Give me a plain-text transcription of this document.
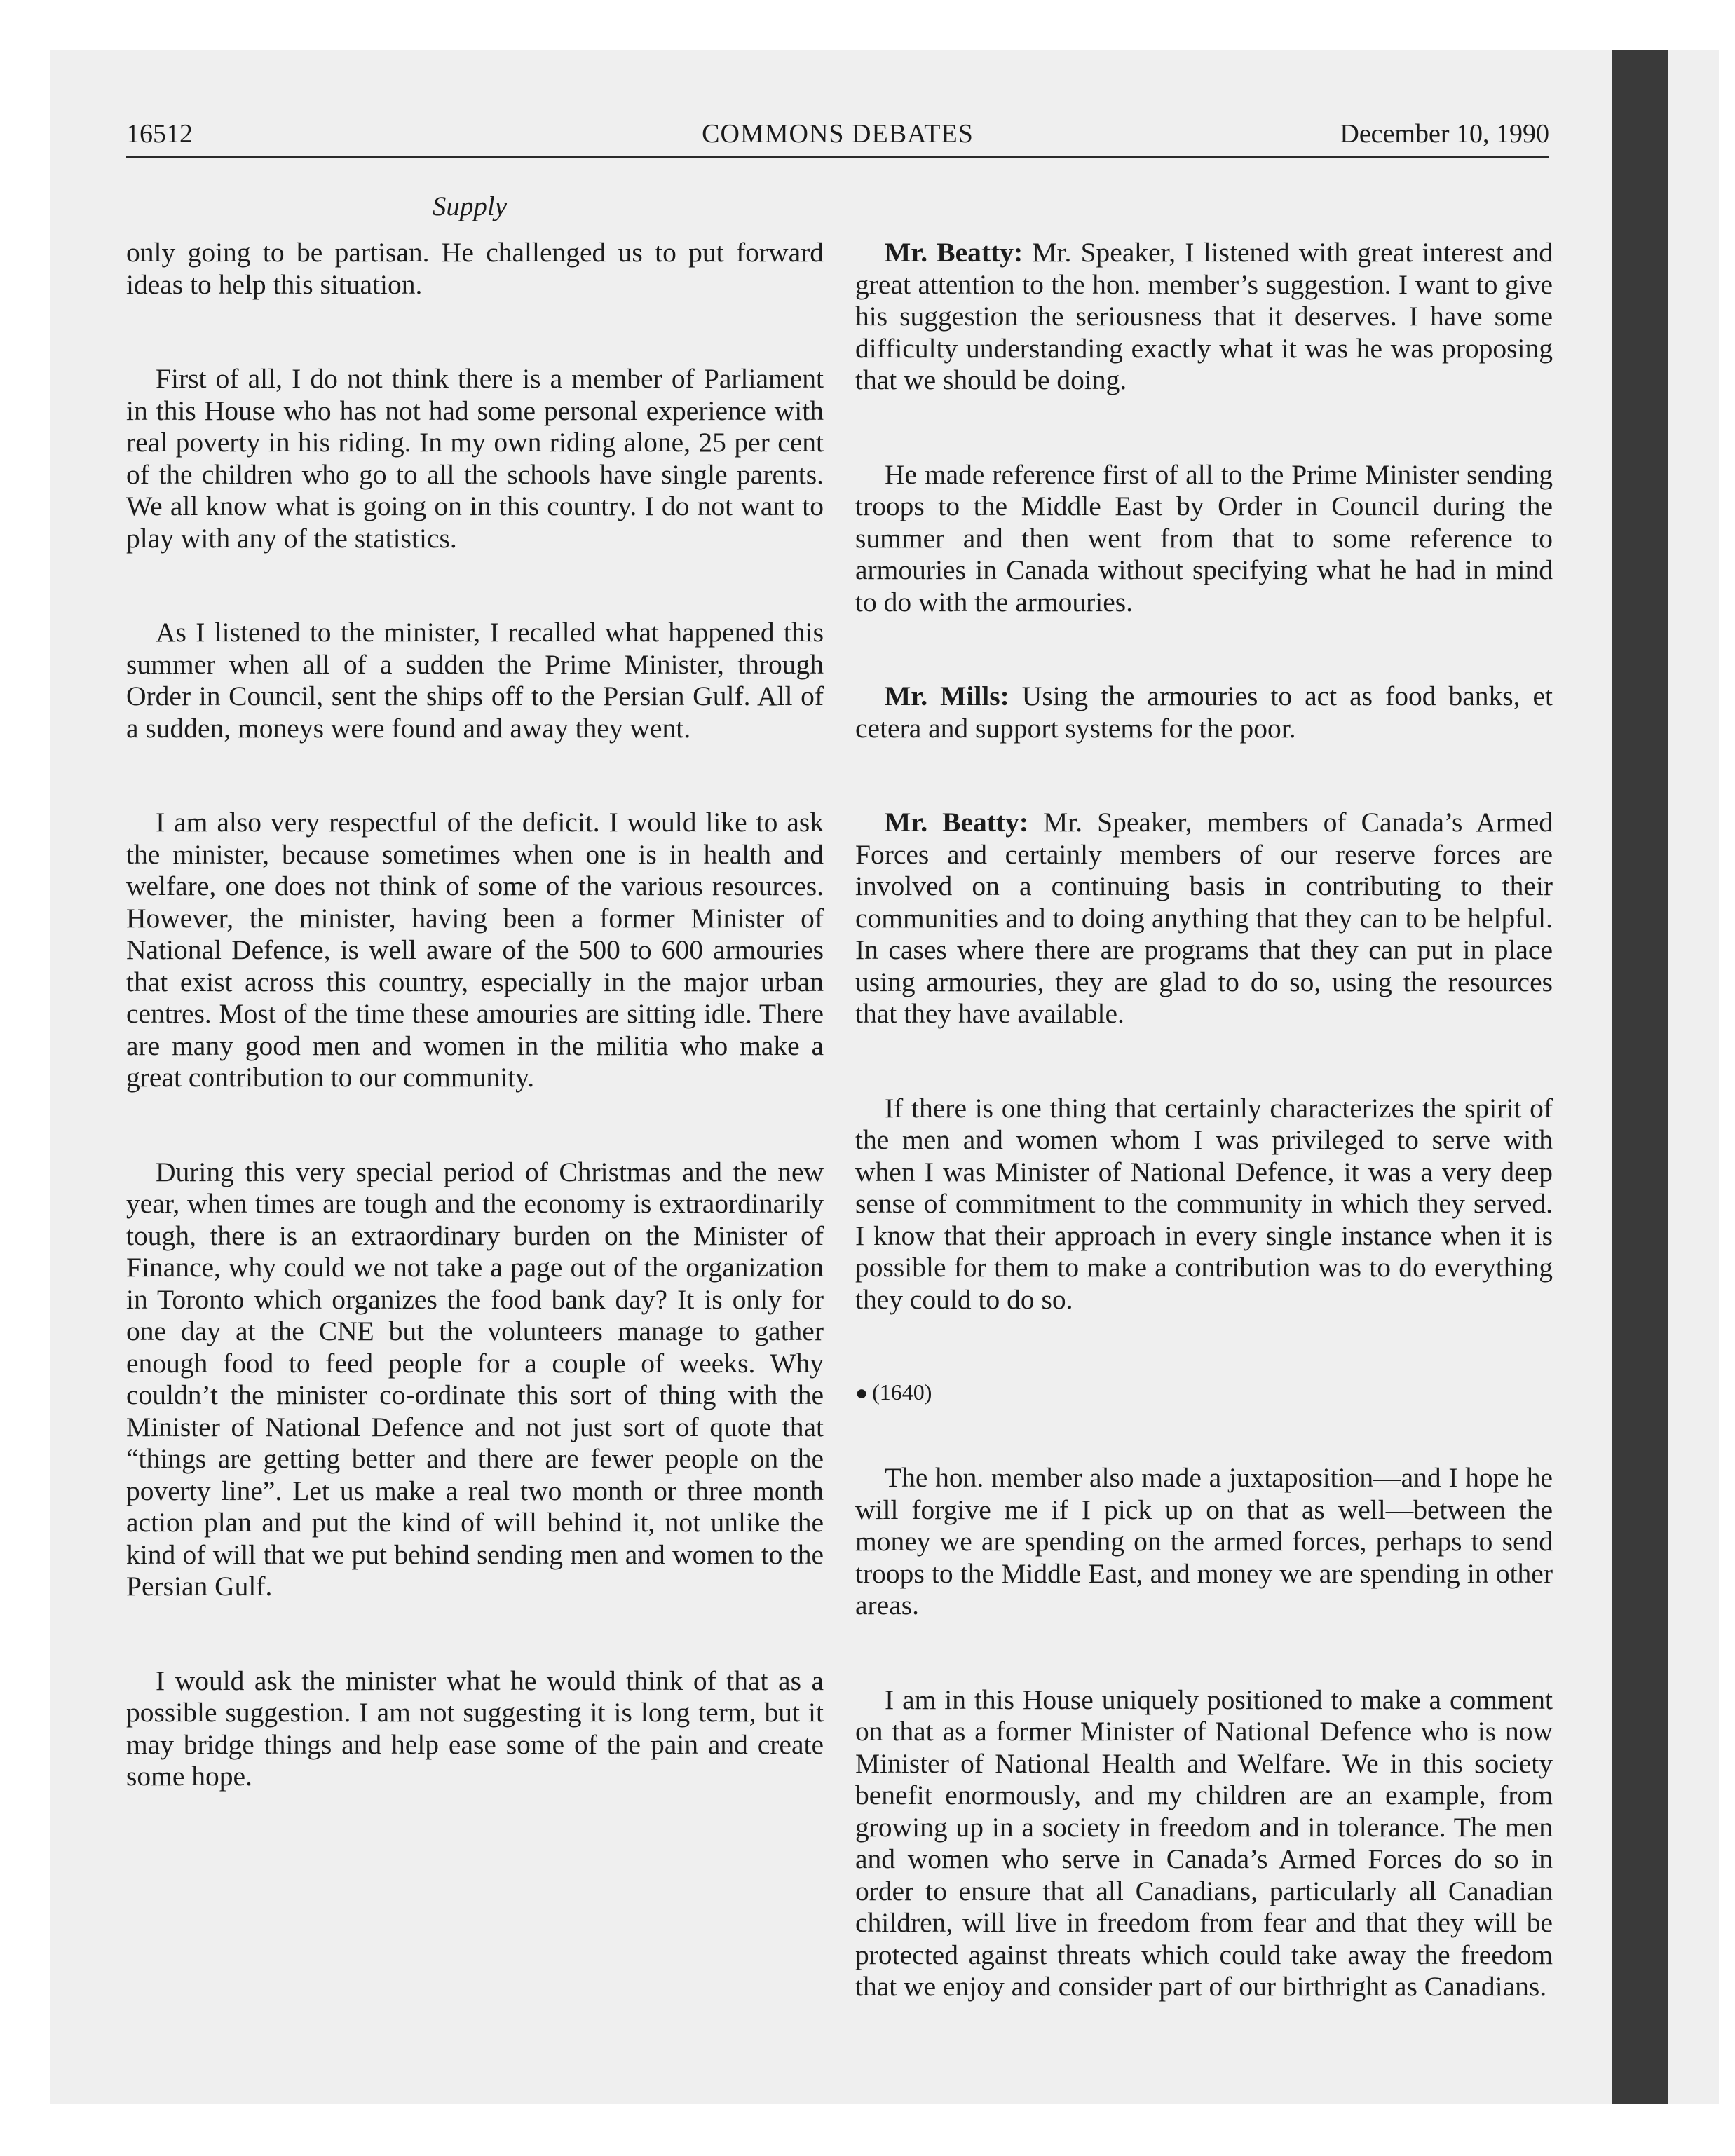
16512	COMMONS DEBATES	December 10, 1990
Supply

only going to be partisan. He challenged us to put forward ideas to help this situation.

First of all, I do not think there is a member of Parliament in this House who has not had some personal experience with real poverty in his riding. In my own riding alone, 25 per cent of the children who go to all the schools have single parents. We all know what is going on in this country. I do not want to play with any of the statistics.

As I listened to the minister, I recalled what happened this summer when all of a sudden the Prime Minister, through Order in Council, sent the ships off to the Persian Gulf. All of a sudden, moneys were found and away they went.

I am also very respectful of the deficit. I would like to ask the minister, because sometimes when one is in health and welfare, one does not think of some of the various resources. However, the minister, having been a former Minister of National Defence, is well aware of the 500 to 600 armouries that exist across this country, especially in the major urban centres. Most of the time these amouries are sitting idle. There are many good men and women in the militia who make a great contribution to our community.

During this very special period of Christmas and the new year, when times are tough and the economy is extraordinarily tough, there is an extraordinary burden on the Minister of Finance, why could we not take a page out of the organization in Toronto which organizes the food bank day? It is only for one day at the CNE but the volunteers manage to gather enough food to feed people for a couple of weeks. Why couldn’t the minister co-ordinate this sort of thing with the Minister of National Defence and not just sort of quote that “things are getting better and there are fewer people on the poverty line”. Let us make a real two month or three month action plan and put the kind of will behind it, not unlike the kind of will that we put behind sending men and women to the Persian Gulf.

I would ask the minister what he would think of that as a possible suggestion. I am not suggesting it is long term, but it may bridge things and help ease some of the pain and create some hope.

Mr. Beatty: Mr. Speaker, I listened with great interest and great attention to the hon. member’s suggestion. I want to give his suggestion the seriousness that it deserves. I have some difficulty understanding exactly what it was he was proposing that we should be doing.

He made reference first of all to the Prime Minister sending troops to the Middle East by Order in Council during the summer and then went from that to some reference to armouries in Canada without specifying what he had in mind to do with the armouries.

Mr. Mills: Using the armouries to act as food banks, et cetera and support systems for the poor.

Mr. Beatty: Mr. Speaker, members of Canada’s Armed Forces and certainly members of our reserve forces are involved on a continuing basis in contributing to their communities and to doing anything that they can to be helpful. In cases where there are programs that they can put in place using armouries, they are glad to do so, using the resources that they have available.

If there is one thing that certainly characterizes the spirit of the men and women whom I was privileged to serve with when I was Minister of National Defence, it was a very deep sense of commitment to the community in which they served. I know that their approach in every single instance when it is possible for them to make a contribution was to do everything they could to do so.

● (1640)

The hon. member also made a juxtaposition—and I hope he will forgive me if I pick up on that as well—between the money we are spending on the armed forces, perhaps to send troops to the Middle East, and money we are spending in other areas.

I am in this House uniquely positioned to make a comment on that as a former Minister of National Defence who is now Minister of National Health and Welfare. We in this society benefit enormously, and my children are an example, from growing up in a society in freedom and in tolerance. The men and women who serve in Canada’s Armed Forces do so in order to ensure that all Canadians, particularly all Canadian children, will live in freedom from fear and that they will be protected against threats which could take away the freedom that we enjoy and consider part of our birthright as Canadians.
